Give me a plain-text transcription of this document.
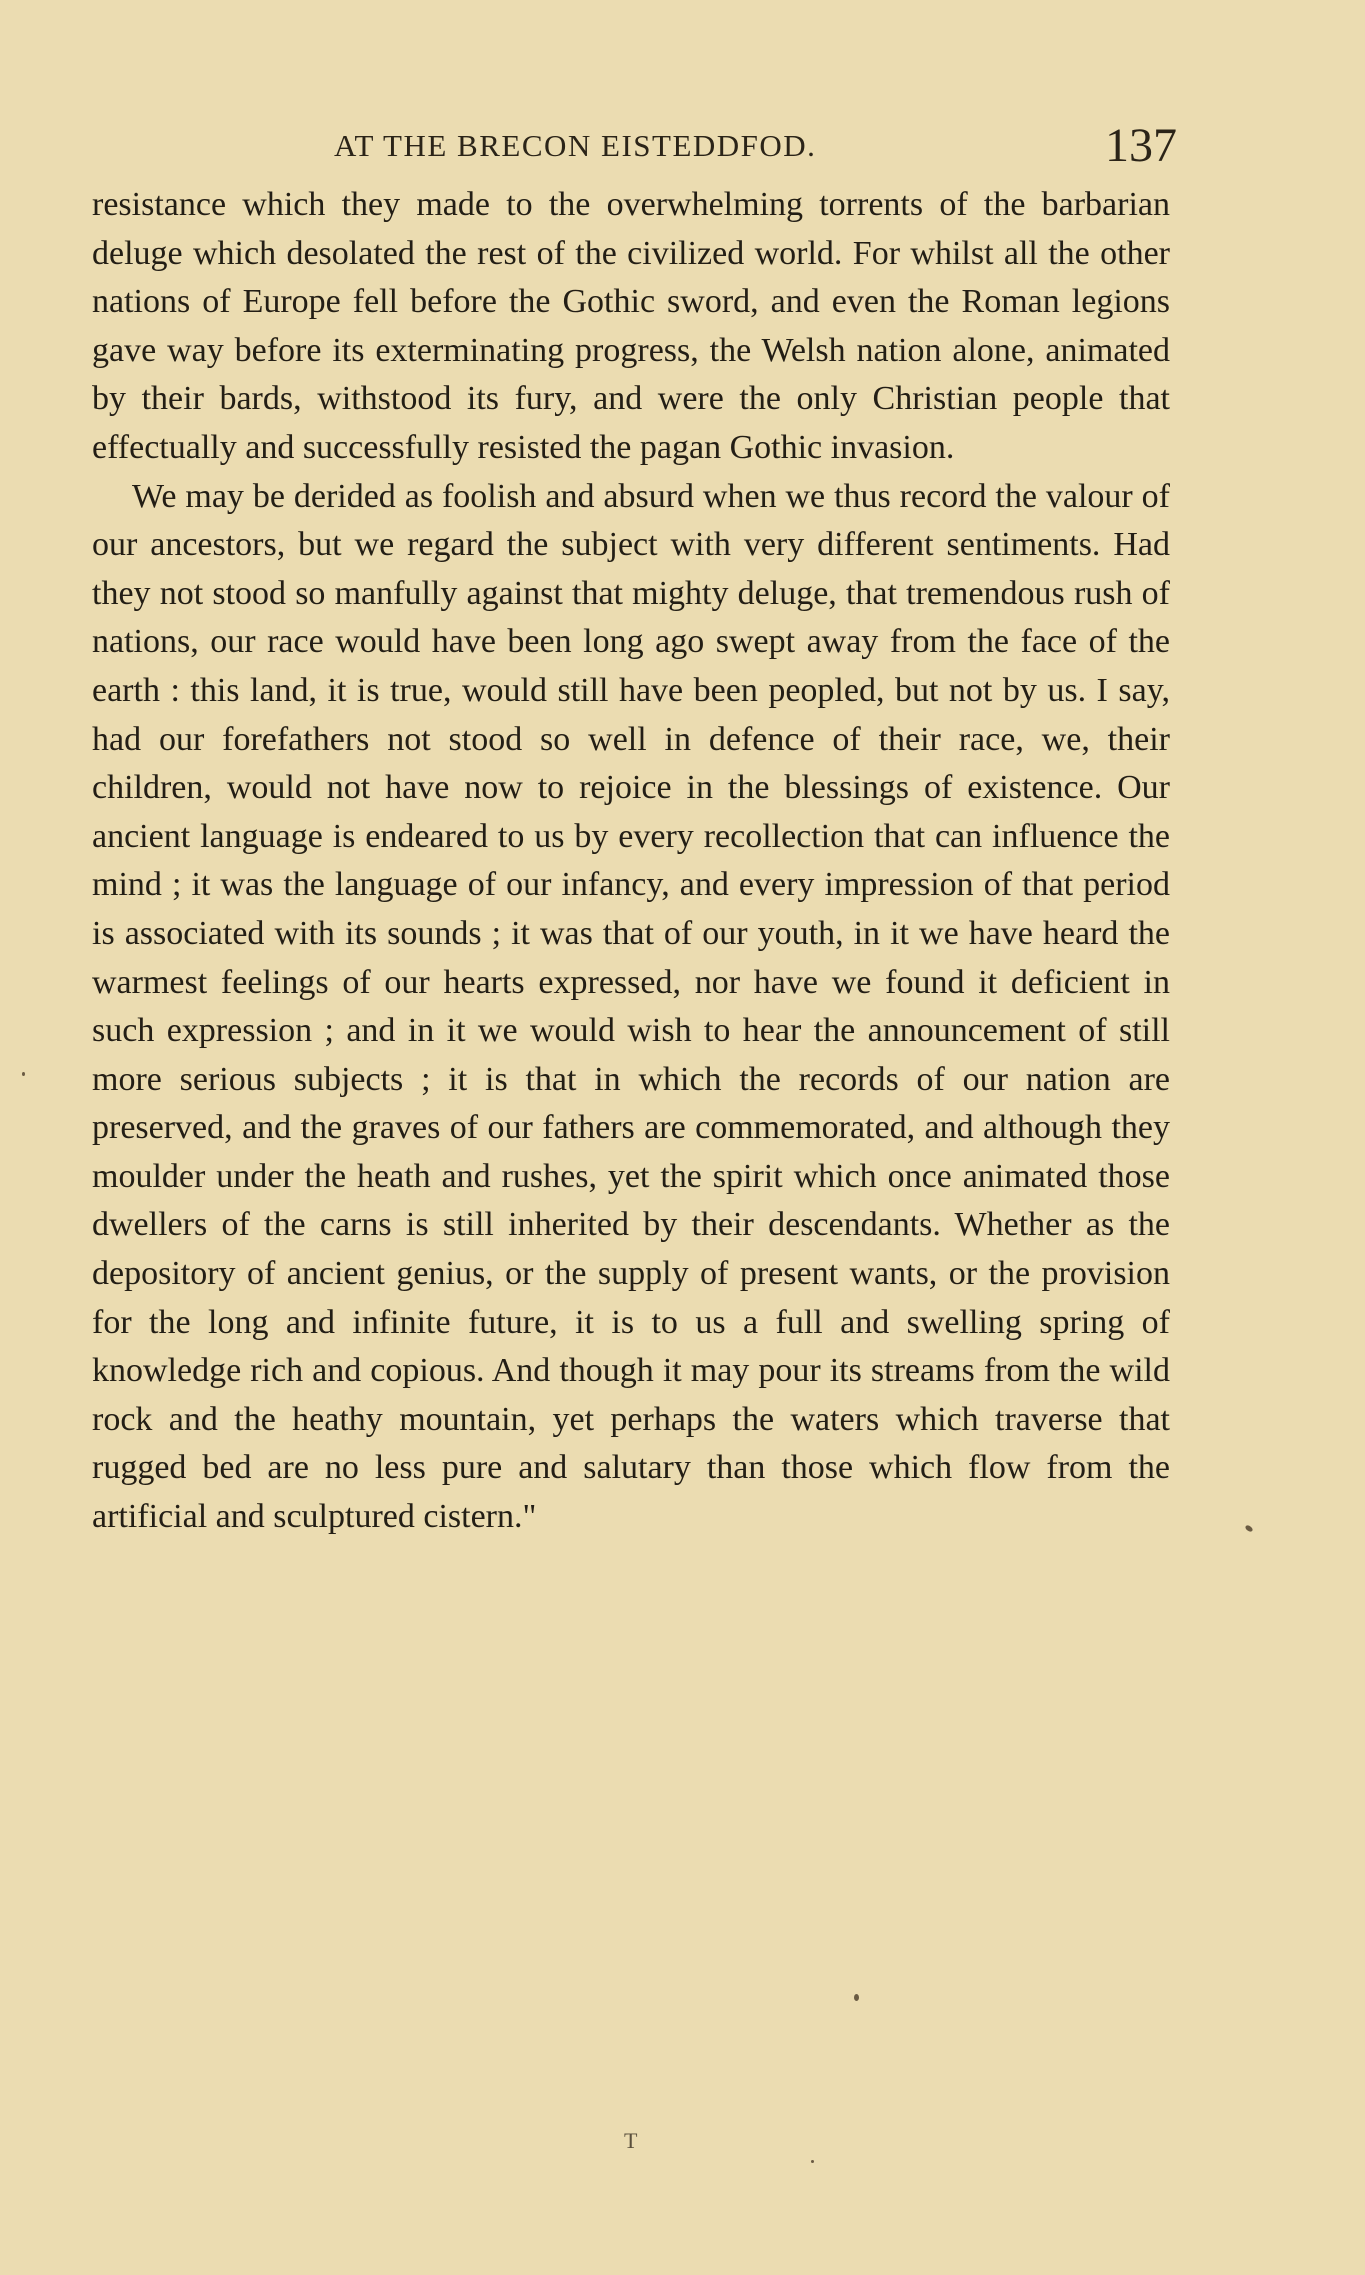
AT THE BRECON EISTEDDFOD.	137

resistance which they made to the overwhelming torrents of the barbarian deluge which desolated the rest of the civilized world. For whilst all the other nations of Europe fell before the Gothic sword, and even the Roman legions gave way before its exterminating progress, the Welsh nation alone, animated by their bards, withstood its fury, and were the only Christian people that effectually and successfully resisted the pagan Gothic invasion.

We may be derided as foolish and absurd when we thus record the valour of our ancestors, but we regard the subject with very different sentiments. Had they not stood so manfully against that mighty deluge, that tremendous rush of nations, our race would have been long ago swept away from the face of the earth : this land, it is true, would still have been peopled, but not by us. I say, had our forefathers not stood so well in defence of their race, we, their children, would not have now to rejoice in the blessings of existence. Our ancient language is endeared to us by every recollection that can influence the mind ; it was the language of our infancy, and every impression of that period is associated with its sounds ; it was that of our youth, in it we have heard the warmest feelings of our hearts expressed, nor have we found it deficient in such expression ; and in it we would wish to hear the announcement of still more serious subjects ; it is that in which the records of our nation are preserved, and the graves of our fathers are commemorated, and although they moulder under the heath and rushes, yet the spirit which once animated those dwellers of the carns is still inherited by their descendants. Whether as the depository of ancient genius, or the supply of present wants, or the provision for the long and infinite future, it is to us a full and swelling spring of knowledge rich and copious. And though it may pour its streams from the wild rock and the heathy mountain, yet perhaps the waters which traverse that rugged bed are no less pure and salutary than those which flow from the artificial and sculptured cistern."

T
